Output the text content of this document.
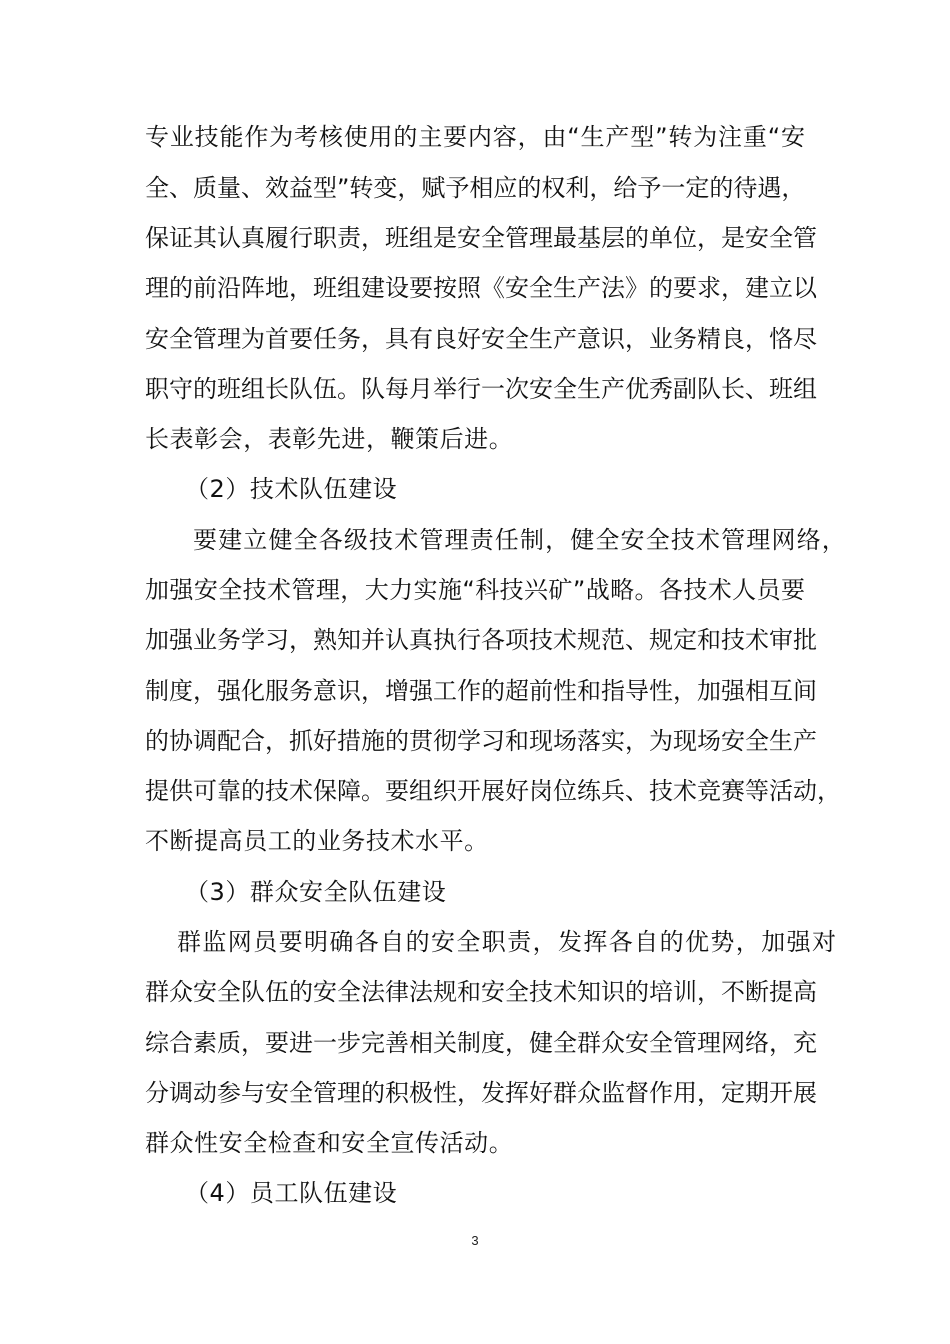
专业技能作为考核使用的主要内容，由“生产型”转为注重“安
全、质量、效益型”转变，赋予相应的权利，给予一定的待遇，
保证其认真履行职责，班组是安全管理最基层的单位，是安全管
理的前沿阵地，班组建设要按照《安全生产法》的要求，建立以
安全管理为首要任务，具有良好安全生产意识，业务精良，恪尽
职守的班组长队伍。队每月举行一次安全生产优秀副队长、班组
长表彰会，表彰先进，鞭策后进。
（2）技术队伍建设
要建立健全各级技术管理责任制，健全安全技术管理网络，
加强安全技术管理，大力实施“科技兴矿”战略。各技术人员要
加强业务学习，熟知并认真执行各项技术规范、规定和技术审批
制度，强化服务意识，增强工作的超前性和指导性，加强相互间
的协调配合，抓好措施的贯彻学习和现场落实，为现场安全生产
提供可靠的技术保障。要组织开展好岗位练兵、技术竞赛等活动，
不断提高员工的业务技术水平。
（3）群众安全队伍建设
群监网员要明确各自的安全职责，发挥各自的优势，加强对
群众安全队伍的安全法律法规和安全技术知识的培训，不断提高
综合素质，要进一步完善相关制度，健全群众安全管理网络，充
分调动参与安全管理的积极性，发挥好群众监督作用，定期开展
群众性安全检查和安全宣传活动。
（4）员工队伍建设
3
